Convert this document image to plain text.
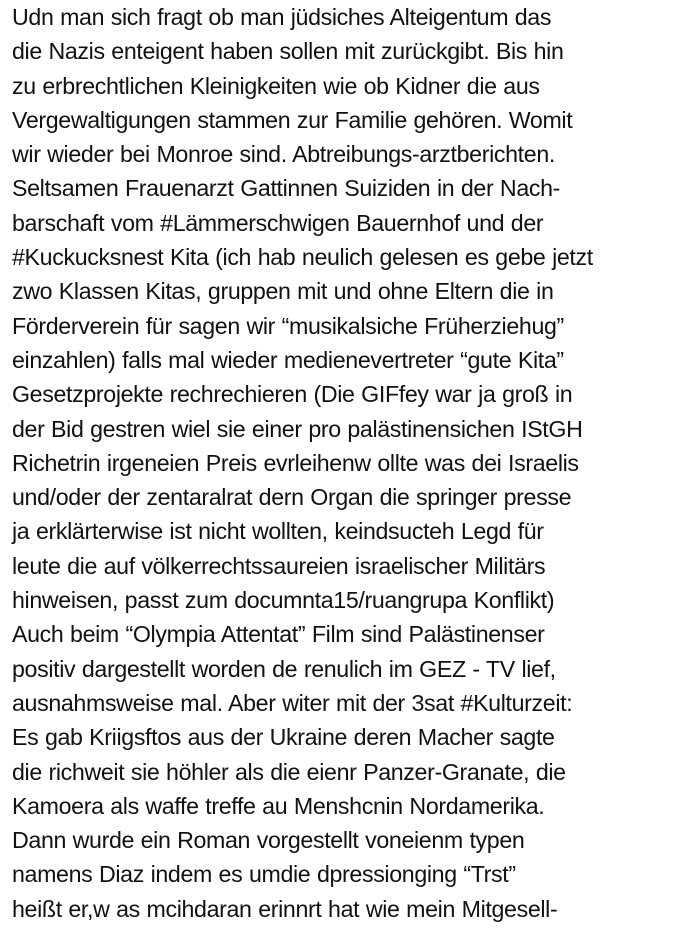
Udn man sich fragt ob man jüdsiches Alteigentum das
die Nazis enteigent haben sollen mit zurückgibt. Bis hin
zu erbrechtlichen Kleinigkeiten wie ob Kidner die aus
Vergewaltigungen stammen zur Familie gehören. Womit
wir wieder bei Monroe sind. Abtreibungs-arztberichten.
Seltsamen Frauenarzt Gattinnen Suiziden in der Nach-
barschaft vom #Lämmerschwigen Bauernhof und der
#Kuckucksnest Kita (ich hab neulich gelesen es gebe jetzt
zwo Klassen Kitas, gruppen mit und ohne Eltern die in
Förderverein für sagen wir “musikalsiche Früherziehug”
einzahlen) falls mal wieder medienevertreter “gute Kita”
Gesetzprojekte rechrechieren (Die GIFfey war ja groß in
der Bid gestren wiel sie einer pro palästinensichen IStGH
Richetrin irgeneien Preis evrleihenw ollte was dei Israelis
und/oder der zentaralrat dern Organ die springer presse
ja erklärterwise ist nicht wollten, keindsucteh Legd für
leute die auf völkerrechtssaureien israelischer Militärs
hinweisen, passt zum documnta15/ruangrupa Konflikt)
Auch beim “Olympia Attentat” Film sind Palästinenser
positiv dargestellt worden de renulich im GEZ - TV lief,
ausnahmsweise mal. Aber witer mit der 3sat #Kulturzeit:
Es gab Kriigsftos aus der Ukraine deren Macher sagte
die richweit sie höhler als die eienr Panzer-Granate, die
Kamoera als waffe treffe au Menshcnin Nordamerika.
Dann wurde ein Roman vorgestellt voneienm typen
namens Diaz indem es umdie dpressionging “Trst”
heißt er,w as mcihdaran erinnrt hat wie mein Mitgesell-
